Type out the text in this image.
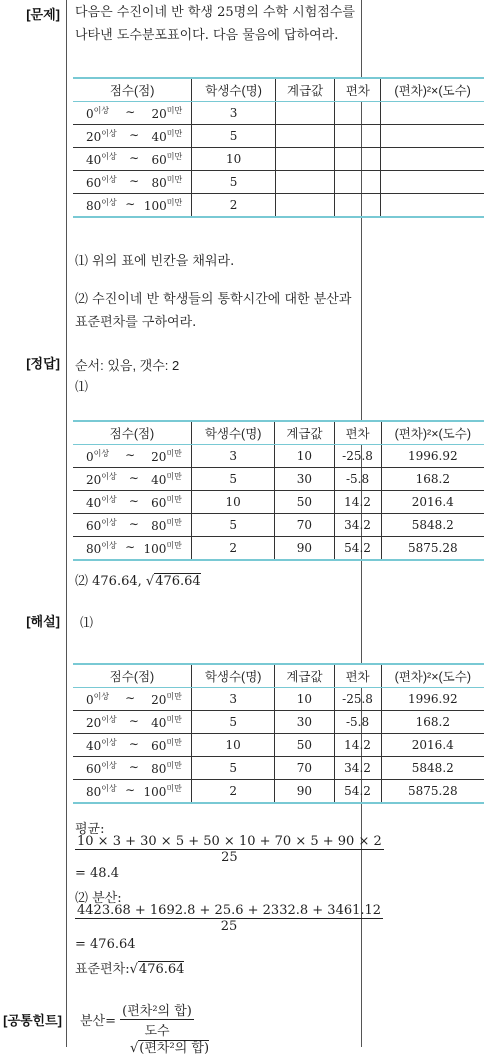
[문제]
[정답]
[해설]
[공통힌트]
다음은 수진이네 반 학생 25명의 수학 시험점수를
나타낸 도수분포표이다. 다음 물음에 답하여라.
점수(점)	학생수(명)	계급값	편차	(편차)²×(도수)

$0^{이상}$ ∼ $20^{미만}$	3			

$20^{이상}$ ∼ $40^{미만}$	5			

$40^{이상}$ ∼ $60^{미만}$	10			

$60^{이상}$ ∼ $80^{미만}$	5			

$80^{이상}$ ∼ $100^{미만}$	2			
⑴ 위의 표에 빈칸을 채워라.
⑵ 수진이네 반 학생들의 통학시간에 대한 분산과
표준편차를 구하여라.
순서: 있음, 갯수: 2
⑴
점수(점)	학생수(명)	계급값	편차	(편차)²×(도수)

$0^{이상}$ ∼ $20^{미만}$	3	10	-25.8	1996.92

$20^{이상}$ ∼ $40^{미만}$	5	30	-5.8	168.2

$40^{이상}$ ∼ $60^{미만}$	10	50	14.2	2016.4

$60^{이상}$ ∼ $80^{미만}$	5	70	34.2	5848.2

$80^{이상}$ ∼ $100^{미만}$	2	90	54.2	5875.28
⑵ 476.64, √476.64
⑴
점수(점)	학생수(명)	계급값	편차	(편차)²×(도수)

$0^{이상}$ ∼ $20^{미만}$	3	10	-25.8	1996.92

$20^{이상}$ ∼ $40^{미만}$	5	30	-5.8	168.2

$40^{이상}$ ∼ $60^{미만}$	10	50	14.2	2016.4

$60^{이상}$ ∼ $80^{미만}$	5	70	34.2	5848.2

$80^{이상}$ ∼ $100^{미만}$	2	90	54.2	5875.28
평균:
$\frac{10 \times 3 + 30 \times 5 + 50 \times 10 + 70 \times 5 + 90 \times 2}{25}$
= 48.4
⑵ 분산:
$\frac{4423.68 + 1692.8 + 25.6 + 2332.8 + 3461.12}{25}$
= 476.64
표준편차:√476.64
분산= $\frac{\text{(편차²의 합)}}{\text{도수}}$
√(편차²의 합)
